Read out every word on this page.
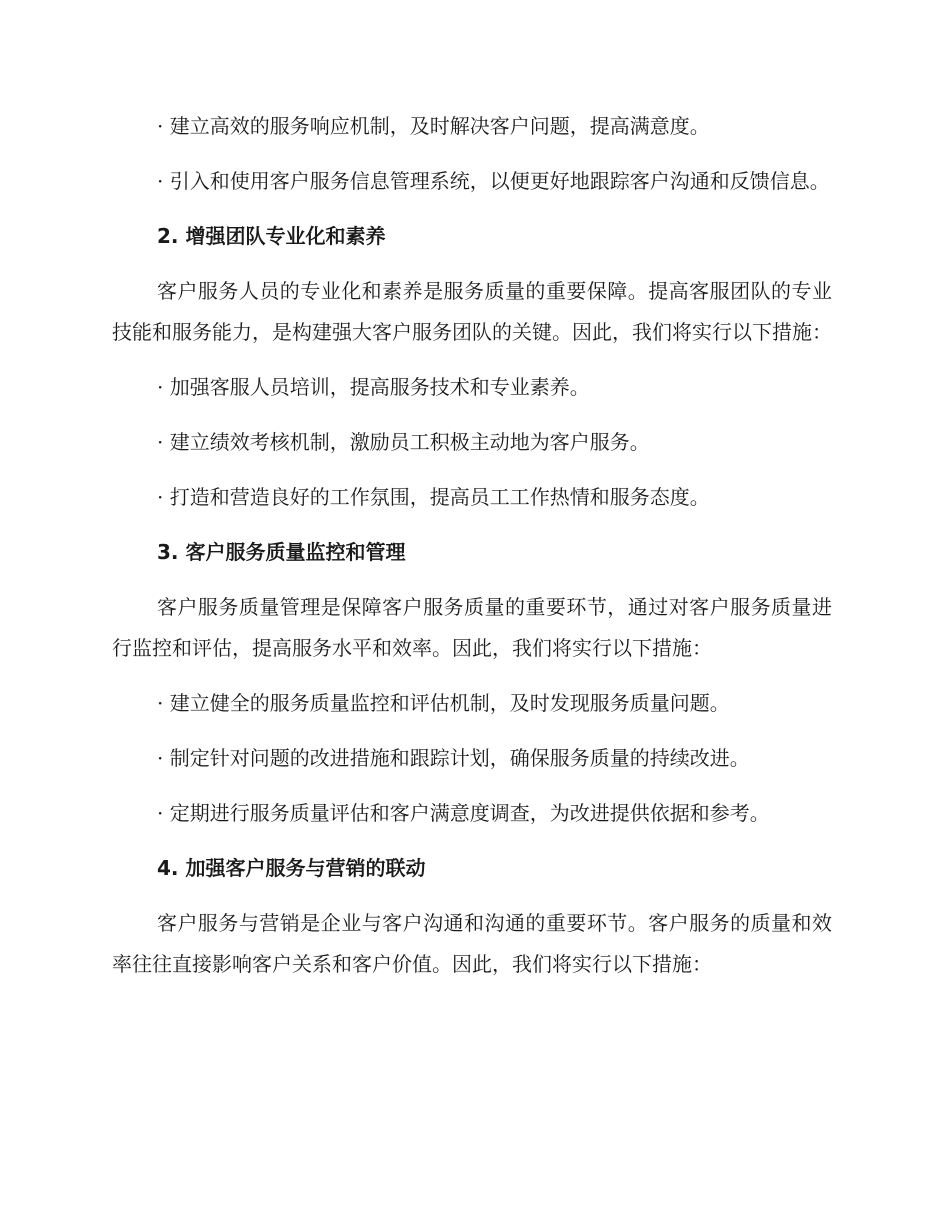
· 建立高效的服务响应机制，及时解决客户问题，提高满意度。

· 引入和使用客户服务信息管理系统，以便更好地跟踪客户沟通和反馈信息。

2. 增强团队专业化和素养

客户服务人员的专业化和素养是服务质量的重要保障。提高客服团队的专业技能和服务能力，是构建强大客户服务团队的关键。因此，我们将实行以下措施：

· 加强客服人员培训，提高服务技术和专业素养。

· 建立绩效考核机制，激励员工积极主动地为客户服务。

· 打造和营造良好的工作氛围，提高员工工作热情和服务态度。

3. 客户服务质量监控和管理

客户服务质量管理是保障客户服务质量的重要环节，通过对客户服务质量进行监控和评估，提高服务水平和效率。因此，我们将实行以下措施：

· 建立健全的服务质量监控和评估机制，及时发现服务质量问题。

· 制定针对问题的改进措施和跟踪计划，确保服务质量的持续改进。

· 定期进行服务质量评估和客户满意度调查，为改进提供依据和参考。

4. 加强客户服务与营销的联动

客户服务与营销是企业与客户沟通和沟通的重要环节。客户服务的质量和效率往往直接影响客户关系和客户价值。因此，我们将实行以下措施：
